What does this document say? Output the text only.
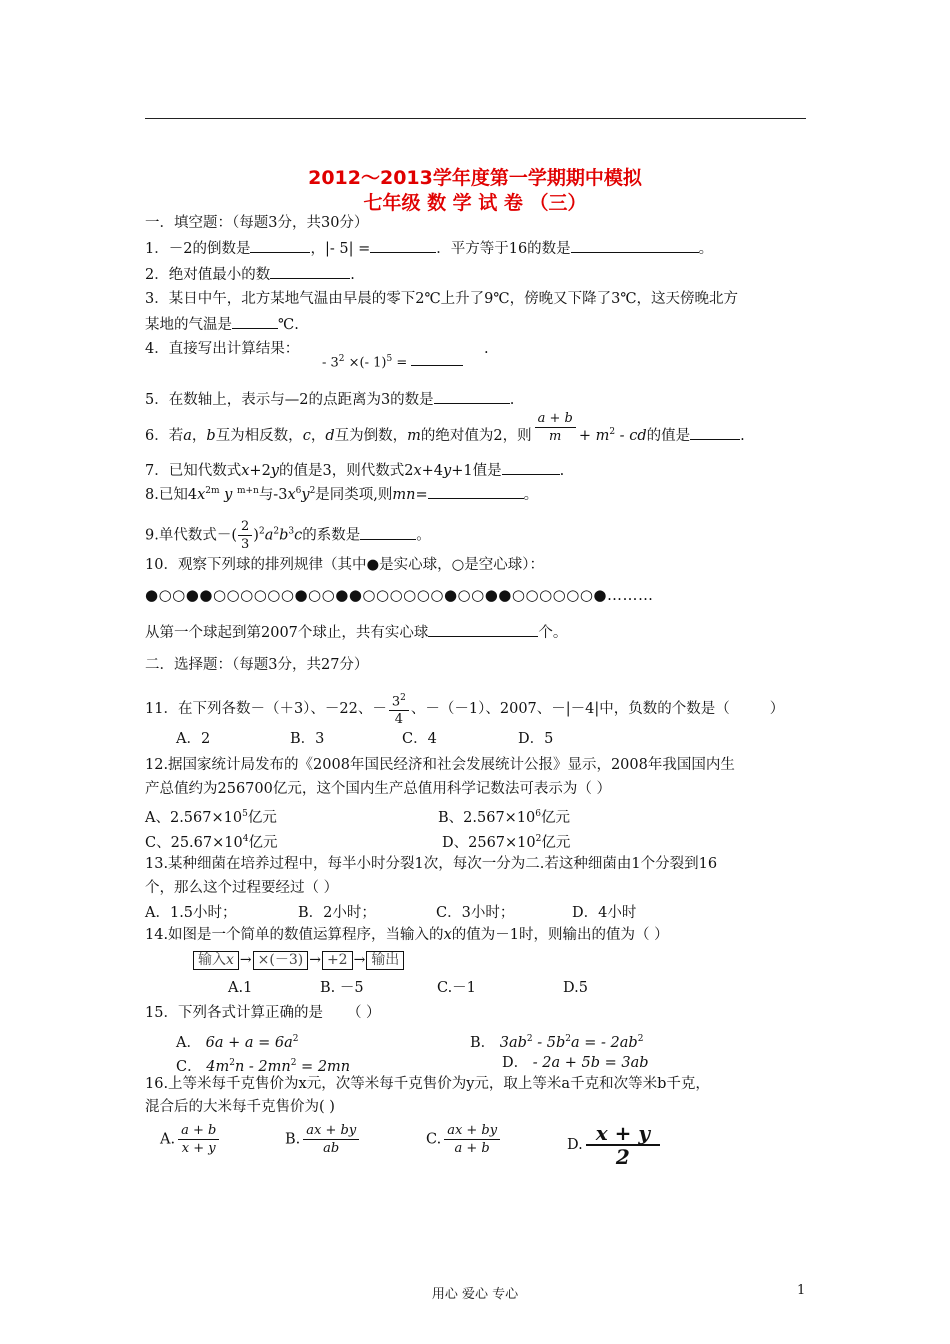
2012～2013学年度第一学期期中模拟
七年级 数 学 试 卷 （三）
一．填空题：（每题3分，共30分）
1．－2的倒数是	，|- 5| =	．平方等于16的数是	。
2．绝对值最小的数	.
3．某日中午，北方某地气温由早晨的零下2℃上升了9℃，傍晚又下降了3℃，这天傍晚北方
某地的气温是	℃.
4．直接写出计算结果：
- $3^2$ ×(- 1)$^5$ =
.
5．在数轴上，表示与—2的点距离为3的数是	.
6．若a，b互为相反数，c，d互为倒数，m的绝对值为2，则 $\frac{a + b}{m} + m^2$ - cd的值是	.
7．已知代数式x+2y的值是3，则代数式2x+4y+1值是	.
8.已知$4x^{2m}$ y $^{m+n}$与$-3x^6y^2$是同类项,则mn=	。
9.单代数式－( $\frac{2}{3} )^2a^2b^3c$的系数是	。
10．观察下列球的排列规律（其中●是实心球，○是空心球）：
●○○●●○○○○○○●○○●●○○○○○○●○○●●○○○○○○●………
从第一个球起到第2007个球止，共有实心球	个。
二．选择题：（每题3分，共27分）
11．在下列各数－（＋3）、－22、－ $\frac{3^2}{4}$ 、－（－1）、2007、－|－4|中，负数的个数是（	）
A．2	B．3	C．4	D．5
12.据国家统计局发布的《2008年国民经济和社会发展统计公报》显示，2008年我国国内生
产总值约为256700亿元，这个国内生产总值用科学记数法可表示为（ ）
A、$2.567\times 10^5$亿元	B、$2.567\times 10^6$亿元
C、$25.67\times 10^4$亿元	D、$2567\times 10^2$亿元
13.某种细菌在培养过程中，每半小时分裂1次，每次一分为二.若这种细菌由1个分裂到16
个，那么这个过程要经过（ ）
A．1.5小时；	B．2小时；	C．3小时；	D．4小时
14.如图是一个简单的数值运算程序，当输入的x的值为－1时，则输出的值为（ ）
输入x → ×(－3) → +2 → 输出
A.1	B. －5	C.－1	D.5
15．下列各式计算正确的是 （ ）
A． $6a + a = 6a^2$	B． $3ab^2 - 5b^2a$ = - $2ab^2$
C． $4m^2n - 2mn^2 = 2mn$	D． - 2a + 5b = 3ab
16.上等米每千克售价为x元，次等米每千克售价为y元，取上等米a千克和次等米b千克，
混合后的大米每千克售价为( )
A. $\frac{a + b}{x + y}$	B. $\frac{ax + by}{ab}$	C. $\frac{ax + by}{a + b}$	D. $\frac{x + y}{2}$
用心 爱心 专心	1
